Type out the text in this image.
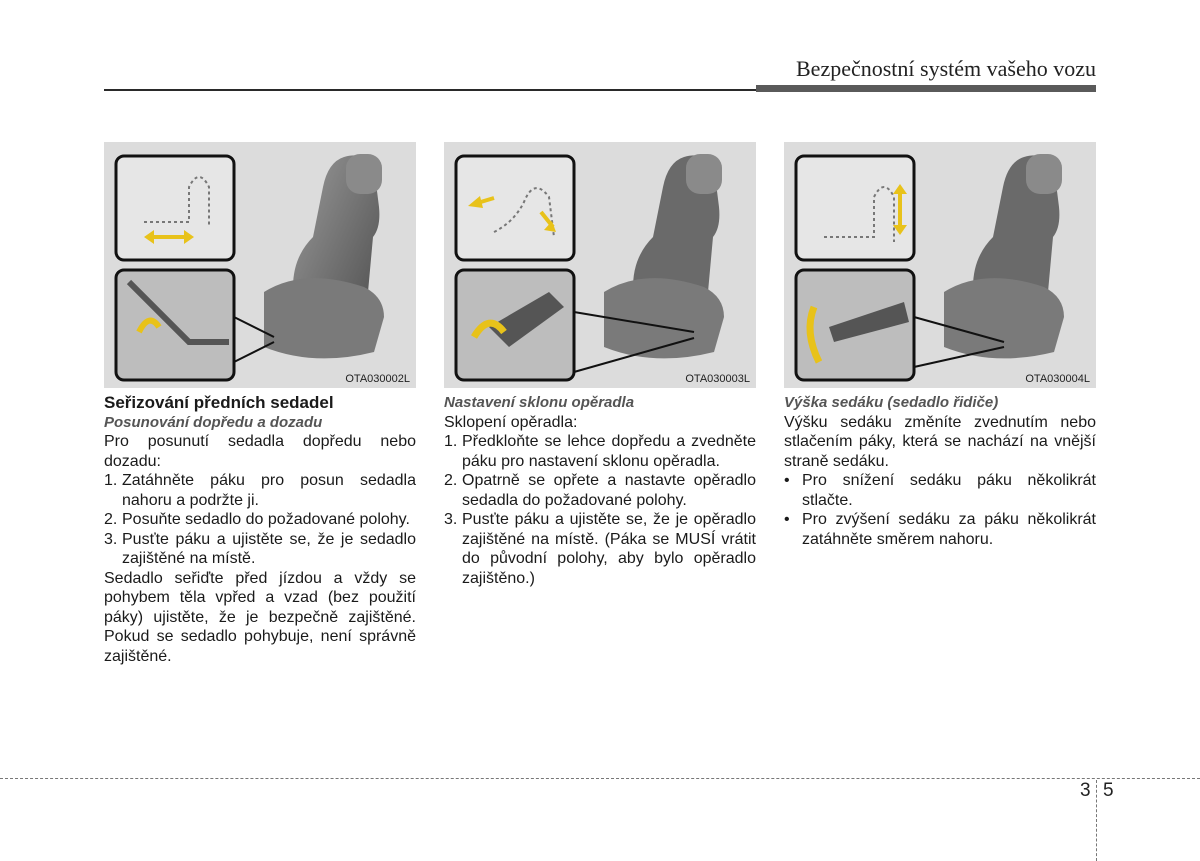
Bezpečnostní systém vašeho vozu
OTA030002L	OTA030003L	OTA030004L

Seřizování předních sedadel

Posunování dopředu a dozadu

Pro posunutí sedadla dopředu nebo dozadu:

1. Zatáhněte páku pro posun sedadla nahoru a podržte ji.
2. Posuňte sedadlo do požadované polohy.
3. Pusťte páku a ujistěte se, že je sedadlo zajištěné na místě.

Sedadlo seřiďte před jízdou a vždy se pohybem těla vpřed a vzad (bez použití páky) ujistěte, že je bezpečně zajištěné. Pokud se sedadlo pohybuje, není správně zajištěné.

Nastavení sklonu opěradla

Sklopení opěradla:

1. Předkloňte se lehce dopředu a zvedněte páku pro nastavení sklonu opěradla.
2. Opatrně se opřete a nastavte opěradlo sedadla do požadované polohy.
3. Pusťte páku a ujistěte se, že je opěradlo zajištěné na místě. (Páka se MUSÍ vrátit do původní polohy, aby bylo opěradlo zajištěno.)

Výška sedáku (sedadlo řidiče)

Výšku sedáku změníte zvednutím nebo stlačením páky, která se nachází na vnější straně sedáku.

• Pro snížení sedáku páku několikrát stlačte.
• Pro zvýšení sedáku za páku několikrát zatáhněte směrem nahoru.
3 5
